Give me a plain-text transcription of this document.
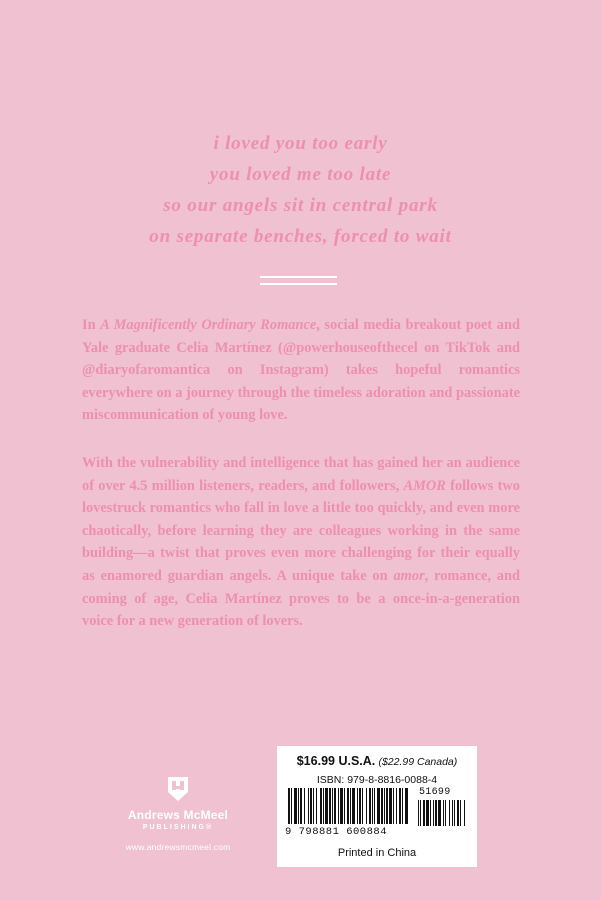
i loved you too early
you loved me too late
so our angels sit in central park
on separate benches, forced to wait

In A Magnificently Ordinary Romance, social media breakout poet and Yale graduate Celia Martínez (@powerhouseofthecel on TikTok and @diaryofaromantica on Instagram) takes hopeful romantics everywhere on a journey through the timeless adoration and passionate miscommunication of young love.

With the vulnerability and intelligence that has gained her an audience of over 4.5 million listeners, readers, and followers, AMOR follows two lovestruck romantics who fall in love a little too quickly, and even more chaotically, before learning they are colleagues working in the same building—a twist that proves even more challenging for their equally as enamored guardian angels. A unique take on amor, romance, and coming of age, Celia Martínez proves to be a once-in-a-generation voice for a new generation of lovers.

Andrews McMeel
PUBLISHING®
www.andrewsmcmeel.com
$16.99 U.S.A. ($22.99 Canada)
ISBN: 979-8-8816-0088-4
51699
9 798881 600884
Printed in China
